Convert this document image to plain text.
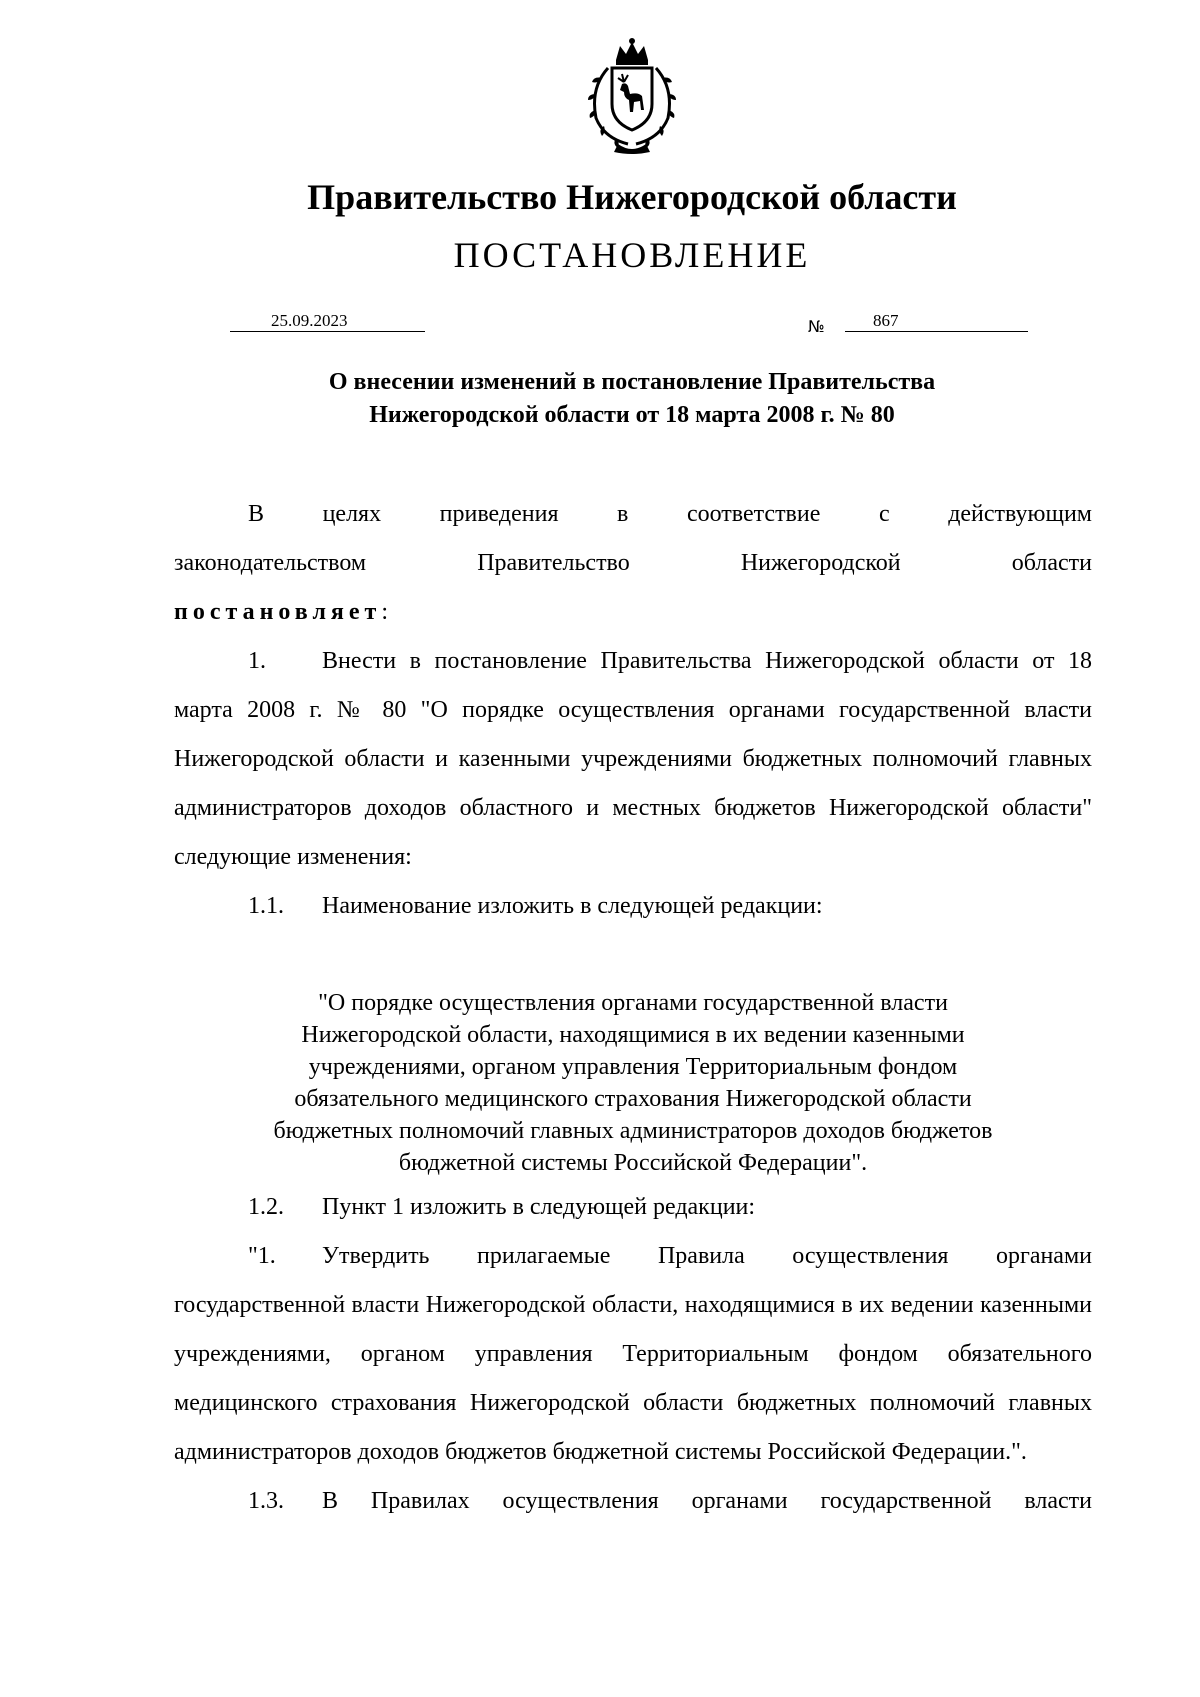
Правительство Нижегородской области
ПОСТАНОВЛЕНИЕ
25.09.2023	№	867
О внесении изменений в постановление Правительства
Нижегородской области от 18 марта 2008 г. № 80

В целях приведения в соответствие с действующим

законодательством Правительство Нижегородской области

постановляет:

1. Внести в постановление Правительства Нижегородской области от 18 марта 2008 г. № 80 "О порядке осуществления органами государственной власти Нижегородской области и казенными учреждениями бюджетных полномочий главных администраторов доходов областного и местных бюджетов Нижегородской области" следующие изменения:

1.1. Наименование изложить в следующей редакции:

"О порядке осуществления органами государственной власти
Нижегородской области, находящимися в их ведении казенными
учреждениями, органом управления Территориальным фондом
обязательного медицинского страхования Нижегородской области
бюджетных полномочий главных администраторов доходов бюджетов
бюджетной системы Российской Федерации".

1.2. Пункт 1 изложить в следующей редакции:

"1. Утвердить прилагаемые Правила осуществления органами государственной власти Нижегородской области, находящимися в их ведении казенными учреждениями, органом управления Территориальным фондом обязательного медицинского страхования Нижегородской области бюджетных полномочий главных администраторов доходов бюджетов бюджетной системы Российской Федерации.".

1.3. В Правилах осуществления органами государственной власти
